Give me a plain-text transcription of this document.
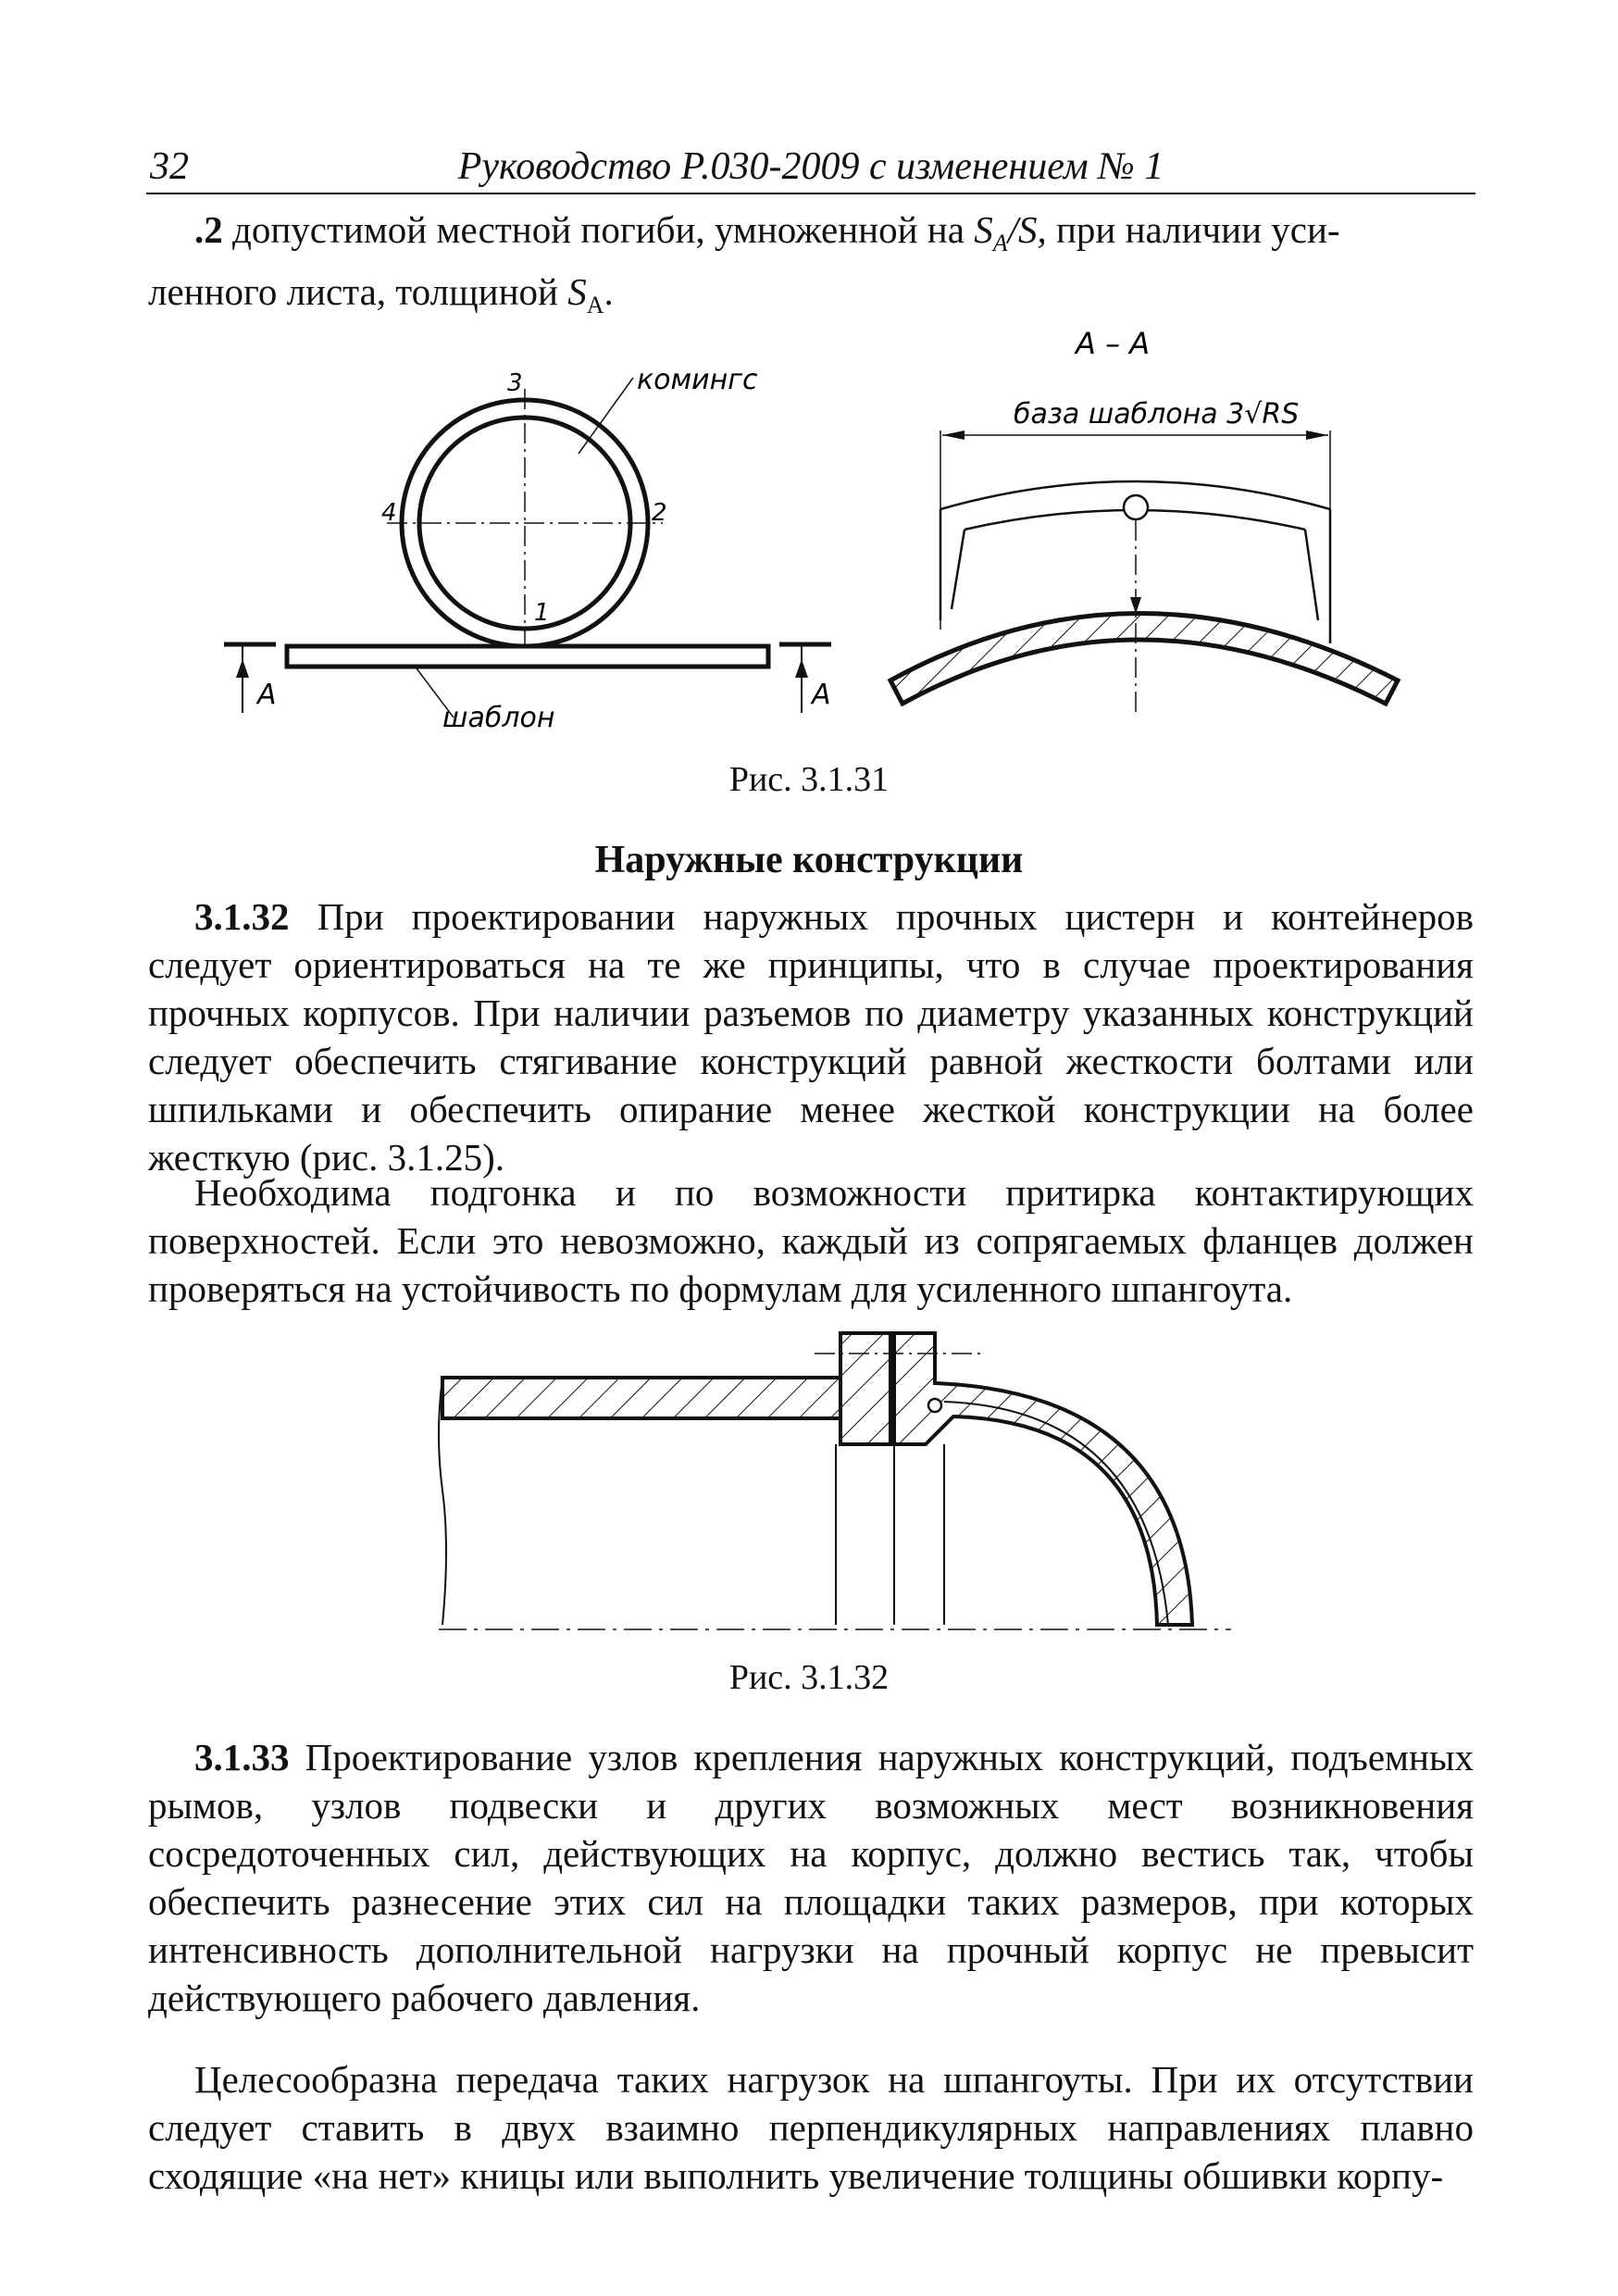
32	Руководство Р.030-2009 с изменением № 1

.2 допустимой местной погиби, умноженной на $S_A/S$, при наличии уси-
ленного листа, толщиной $S_A$.

3
4	2
1
комингс
шаблон
А	А
А – А
база шаблона 3√RS
Рис. 3.1.31
Наружные конструкции

3.1.32 При проектировании наружных прочных цистерн и контейнеров следует ориентироваться на те же принципы, что в случае проектирования прочных корпусов. При наличии разъемов по диаметру указанных конструкций следует обеспечить стягивание конструкций равной жесткости болтами или шпильками и обеспечить опирание менее жесткой конструкции на более жесткую (рис. 3.1.25).

Необходима подгонка и по возможности притирка контактирующих поверхностей. Если это невозможно, каждый из сопрягаемых фланцев должен проверяться на устойчивость по формулам для усиленного шпангоута.

Рис. 3.1.32

3.1.33 Проектирование узлов крепления наружных конструкций, подъемных рымов, узлов подвески и других возможных мест возникновения сосредоточенных сил, действующих на корпус, должно вестись так, чтобы обеспечить разнесение этих сил на площадки таких размеров, при которых интенсивность дополнительной нагрузки на прочный корпус не превысит действующего рабочего давления.

Целесообразна передача таких нагрузок на шпангоуты. При их отсутствии следует ставить в двух взаимно перпендикулярных направлениях плавно сходящие «на нет» кницы или выполнить увеличение толщины обшивки корпу-
